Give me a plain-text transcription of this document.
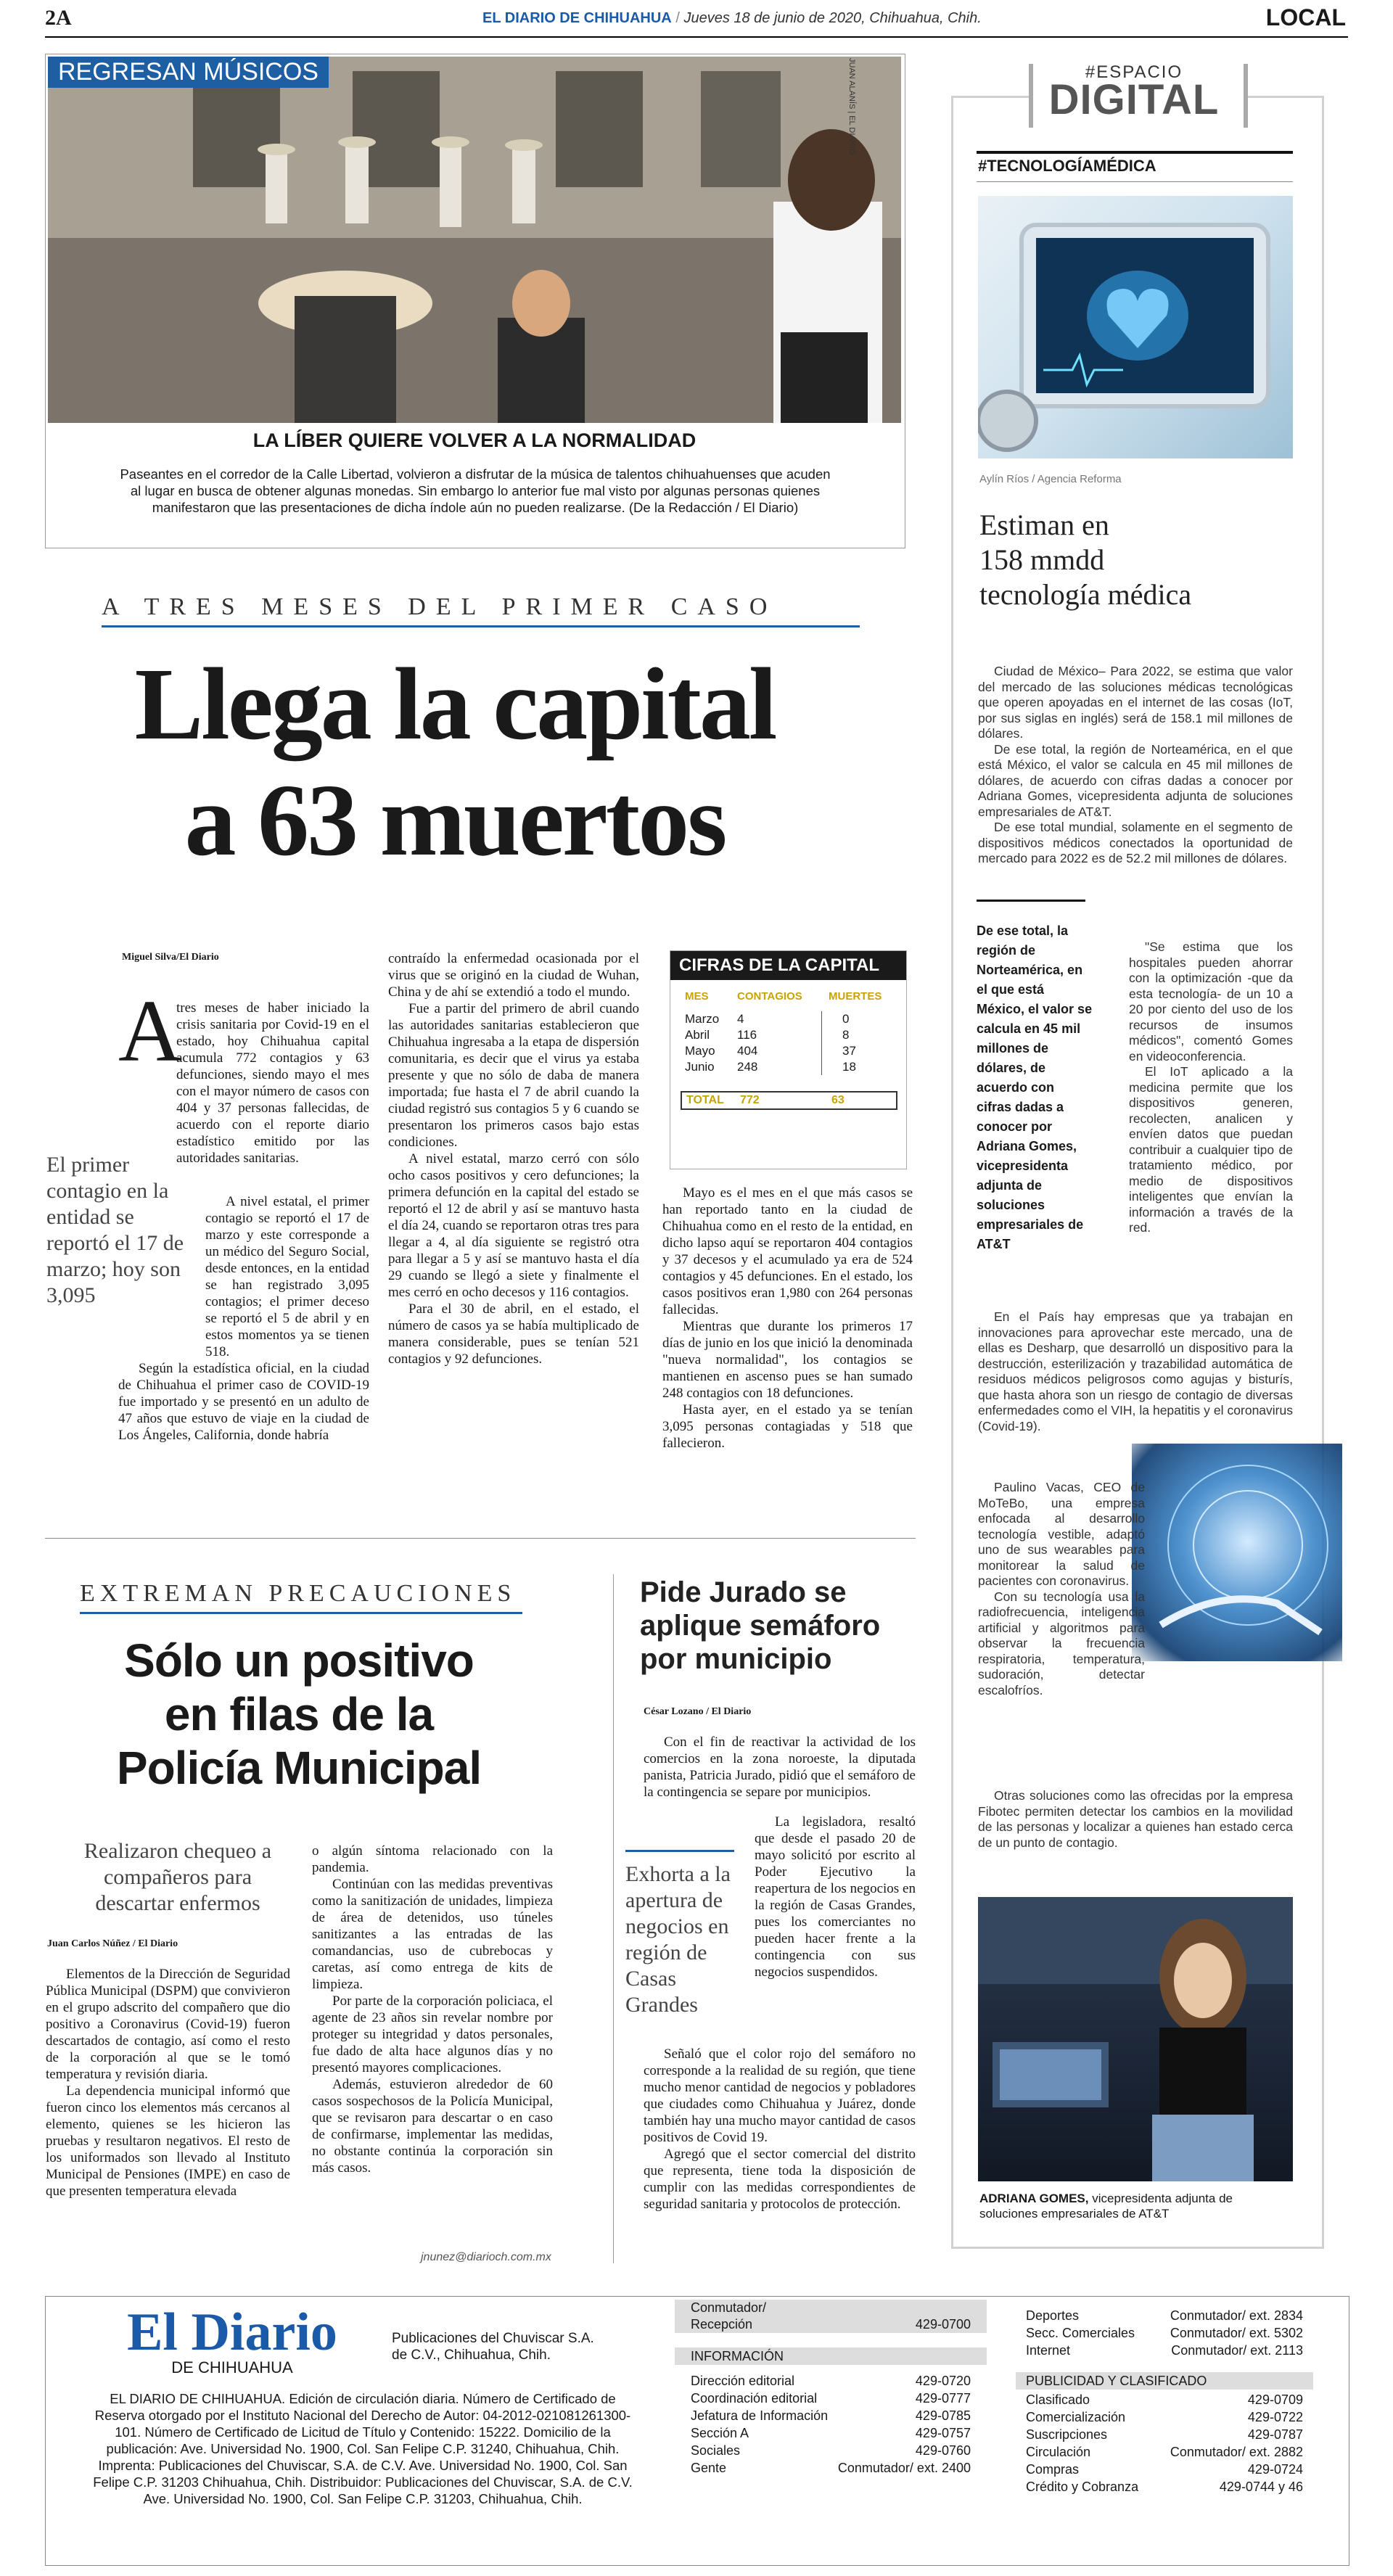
2A	EL DIARIO DE CHIHUAHUA / Jueves 18 de junio de 2020, Chihuahua, Chih.	LOCAL
REGRESAN MÚSICOS	JUAN ALANÍS | EL DIARIO
LA LÍBER QUIERE VOLVER A LA NORMALIDAD
Paseantes en el corredor de la Calle Libertad, volvieron a disfrutar de la música de talentos chihuahuenses que acuden al lugar en busca de obtener algunas monedas. Sin embargo lo anterior fue mal visto por algunas personas quienes manifestaron que las presentaciones de dicha índole aún no pueden realizarse. (De la Redacción / El Diario)
A TRES MESES DEL PRIMER CASO
Llega la capital
a 63 muertos
Miguel Silva/El Diario
A

tres meses de haber iniciado la crisis sanitaria por Covid-19 en el estado, hoy Chihuahua capital acumula 772 contagios y 63 defunciones, siendo mayo el mes con el mayor número de casos con 404 y 37 personas fallecidas, de acuerdo con el reporte diario estadístico emitido por las autoridades sanitarias.

El primer contagio en la entidad se reportó el 17 de marzo; hoy son 3,095

A nivel estatal, el primer contagio se reportó el 17 de marzo y este corresponde a un médico del Seguro Social, desde entonces, en la entidad se han registrado 3,095 contagios; el primer deceso se reportó el 5 de abril y en estos momentos ya se tienen 518.

Según la estadística oficial, en la ciudad de Chihuahua el primer caso de COVID-19 fue importado y se presentó en un adulto de 47 años que estuvo de viaje en la ciudad de Los Ángeles, California, donde habría

contraído la enfermedad ocasionada por el virus que se originó en la ciudad de Wuhan, China y de ahí se extendió a todo el mundo.

Fue a partir del primero de abril cuando las autoridades sanitarias establecieron que Chihuahua ingresaba a la etapa de dispersión comunitaria, es decir que el virus ya estaba presente y que no sólo de daba de manera importada; fue hasta el 7 de abril cuando la ciudad registró sus contagios 5 y 6 cuando se presentaron los primeros casos bajo estas condiciones.

A nivel estatal, marzo cerró con sólo ocho casos positivos y cero defunciones; la primera defunción en la capital del estado se reportó el 12 de abril y así se mantuvo hasta el día 24, cuando se reportaron otras tres para llegar a 4, al día siguiente se registró otra para llegar a 5 y así se mantuvo hasta el día 29 cuando se llegó a siete y finalmente el mes cerró en ocho decesos y 116 contagios.

Para el 30 de abril, en el estado, el número de casos ya se había multiplicado de manera considerable, pues se tenían 521 contagios y 92 defunciones.

CIFRAS DE LA CAPITAL
MES	CONTAGIOS	MUERTES
Marzo	4	0
Abril	116	8
Mayo	404	37
Junio	248	18
TOTAL	772	63

Mayo es el mes en el que más casos se han reportado tanto en la ciudad de Chihuahua como en el resto de la entidad, en dicho lapso aquí se reportaron 404 contagios y 37 decesos y el acumulado ya era de 524 contagios y 45 defunciones. En el estado, los casos positivos eran 1,980 con 264 personas fallecidas.

Mientras que durante los primeros 17 días de junio en los que inició la denominada "nueva normalidad", los contagios se mantienen en ascenso pues se han sumado 248 contagios con 18 defunciones.

Hasta ayer, en el estado ya se tenían 3,095 personas contagiadas y 518 que fallecieron.

EXTREMAN PRECAUCIONES
Sólo un positivo
en filas de la
Policía Municipal
Realizaron chequeo a compañeros para descartar enfermos
Juan Carlos Núñez / El Diario

Elementos de la Dirección de Seguridad Pública Municipal (DSPM) que convivieron en el grupo adscrito del compañero que dio positivo a Coronavirus (Covid-19) fueron descartados de contagio, así como el resto de la corporación al que se le tomó temperatura y revisión diaria.

La dependencia municipal informó que fueron cinco los elementos más cercanos al elemento, quienes se les hicieron las pruebas y resultaron negativos. El resto de los uniformados son llevado al Instituto Municipal de Pensiones (IMPE) en caso de que presenten temperatura elevada

o algún síntoma relacionado con la pandemia.

Continúan con las medidas preventivas como la sanitización de unidades, limpieza de área de detenidos, uso túneles sanitizantes a las entradas de las comandancias, uso de cubrebocas y caretas, así como entrega de kits de limpieza.

Por parte de la corporación policiaca, el agente de 23 años sin revelar nombre por proteger su integridad y datos personales, fue dado de alta hace algunos días y no presentó mayores complicaciones.

Además, estuvieron alrededor de 60 casos sospechosos de la Policía Municipal, que se revisaron para descartar o en caso de confirmarse, implementar las medidas, no obstante continúa la corporación sin más casos.

jnunez@diarioch.com.mx
Pide Jurado se
aplique semáforo
por municipio
César Lozano / El Diario

Con el fin de reactivar la actividad de los comercios en la zona noroeste, la diputada panista, Patricia Jurado, pidió que el semáforo de la contingencia se separe por municipios.

Exhorta a la apertura de negocios en región de Casas Grandes

La legisladora, resaltó que desde el pasado 20 de mayo solicitó por escrito al Poder Ejecutivo la reapertura de los negocios en la región de Casas Grandes, pues los comerciantes no pueden hacer frente a la contingencia con sus negocios suspendidos.

Señaló que el color rojo del semáforo no corresponde a la realidad de su región, que tiene mucho menor cantidad de negocios y pobladores que ciudades como Chihuahua y Juárez, donde también hay una mucho mayor cantidad de casos positivos de Covid 19.

Agregó que el sector comercial del distrito que representa, tiene toda la disposición de cumplir con las medidas correspondientes de seguridad sanitaria y protocolos de protección.

#ESPACIO
DIGITAL
#TECNOLOGÍAMÉDICA
Aylín Ríos / Agencia Reforma
Estiman en
158 mmdd
tecnología médica

Ciudad de México– Para 2022, se estima que valor del mercado de las soluciones médicas tecnológicas que operen apoyadas en el internet de las cosas (IoT, por sus siglas en inglés) será de 158.1 mil millones de dólares.

De ese total, la región de Norteamérica, en el que está México, el valor se calcula en 45 mil millones de dólares, de acuerdo con cifras dadas a conocer por Adriana Gomes, vicepresidenta adjunta de soluciones empresariales de AT&T.

De ese total mundial, solamente en el segmento de dispositivos médicos conectados la oportunidad de mercado para 2022 es de 52.2 mil millones de dólares.

De ese total, la región de Norteamérica, en el que está México, el valor se calcula en 45 mil millones de dólares, de acuerdo con cifras dadas a conocer por Adriana Gomes, vicepresidenta adjunta de soluciones empresariales de AT&T

"Se estima que los hospitales pueden ahorrar con la optimización -que da esta tecnología- de un 10 a 20 por ciento del uso de los recursos de insumos médicos", comentó Gomes en videoconferencia.

El IoT aplicado a la medicina permite que los dispositivos generen, recolecten, analicen y envíen datos que puedan contribuir a cualquier tipo de tratamiento médico, por medio de dispositivos inteligentes que envían la información a través de la red.

En el País hay empresas que ya trabajan en innovaciones para aprovechar este mercado, una de ellas es Desharp, que desarrolló un dispositivo para la destrucción, esterilización y trazabilidad automática de residuos médicos peligrosos como agujas y bisturís, que hasta ahora son un riesgo de contagio de diversas enfermedades como el VIH, la hepatitis y el coronavirus (Covid-19).

Paulino Vacas, CEO de MoTeBo, una empresa enfocada al desarrollo tecnología vestible, adaptó uno de sus wearables para monitorear la salud de pacientes con coronavirus.

Con su tecnología usa la radiofrecuencia, inteligencia artificial y algoritmos para observar la frecuencia respiratoria, temperatura, sudoración, detectar escalofríos.

Otras soluciones como las ofrecidas por la empresa Fibotec permiten detectar los cambios en la movilidad de las personas y localizar a quienes han estado cerca de un punto de contagio.

ADRIANA GOMES, vicepresidenta adjunta de soluciones empresariales de AT&T
El Diario
DE CHIHUAHUA
Publicaciones del Chuviscar S.A. de C.V., Chihuahua, Chih.
EL DIARIO DE CHIHUAHUA. Edición de circulación diaria. Número de Certificado de Reserva otorgado por el Instituto Nacional del Derecho de Autor: 04-2012-021081261300-101. Número de Certificado de Licitud de Título y Contenido: 15222. Domicilio de la publicación: Ave. Universidad No. 1900, Col. San Felipe C.P. 31240, Chihuahua, Chih. Imprenta: Publicaciones del Chuviscar, S.A. de C.V. Ave. Universidad No. 1900, Col. San Felipe C.P. 31203 Chihuahua, Chih. Distribuidor: Publicaciones del Chuviscar, S.A. de C.V. Ave. Universidad No. 1900, Col. San Felipe C.P. 31203, Chihuahua, Chih.
Conmutador/
Recepción	429-0700
INFORMACIÓN
Dirección editorial	429-0720
Coordinación editorial	429-0777
Jefatura de Información	429-0785
Sección A	429-0757
Sociales	429-0760
Gente	Conmutador/ ext. 2400
Deportes	Conmutador/ ext. 2834
Secc. Comerciales	Conmutador/ ext. 5302
Internet	Conmutador/ ext. 2113
PUBLICIDAD Y CLASIFICADO
Clasificado	429-0709
Comercialización	429-0722
Suscripciones	429-0787
Circulación	Conmutador/ ext. 2882
Compras	429-0724
Crédito y Cobranza	429-0744 y 46
